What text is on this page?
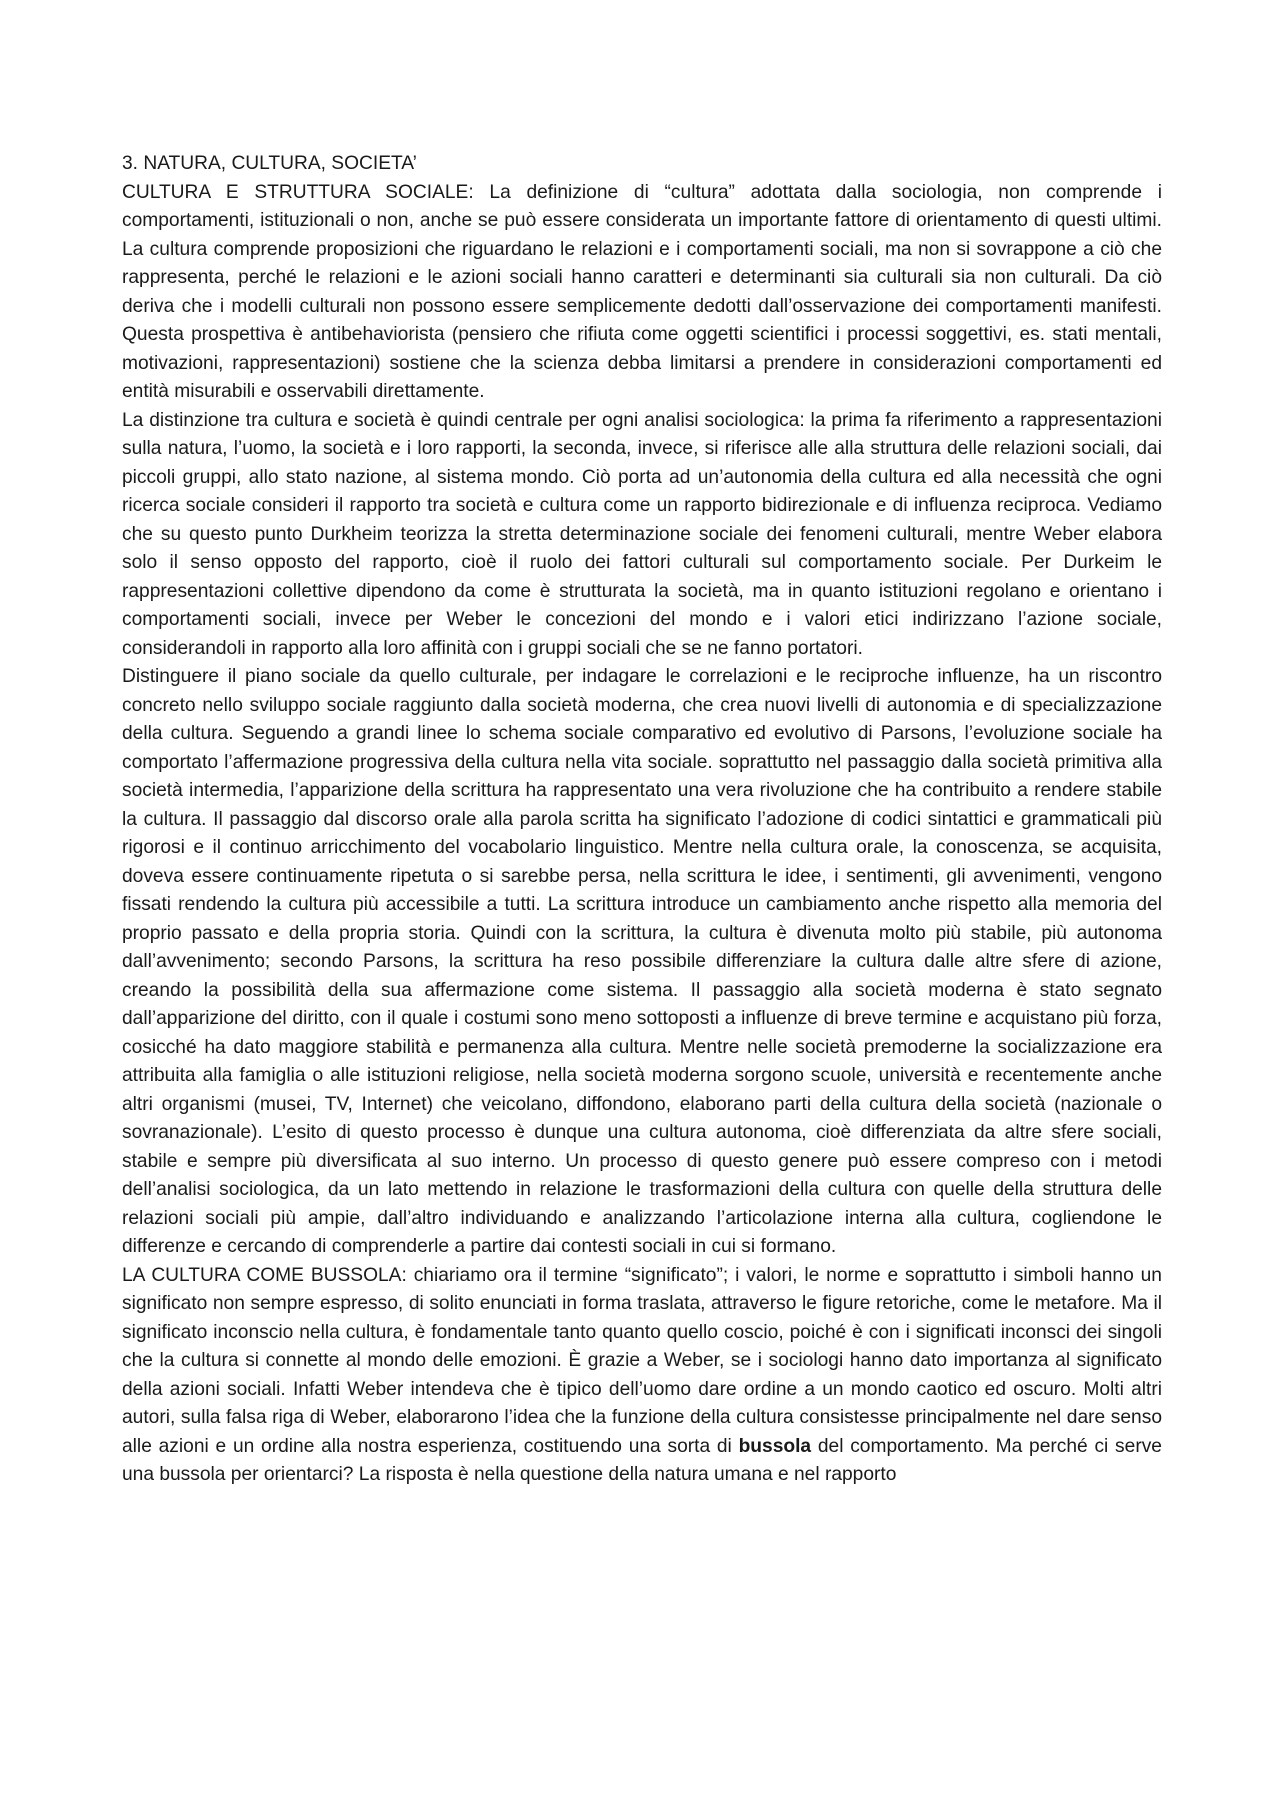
3. NATURA, CULTURA, SOCIETA’

CULTURA E STRUTTURA SOCIALE: La definizione di “cultura” adottata dalla sociologia, non comprende i comportamenti, istituzionali o non, anche se può essere considerata un importante fattore di orientamento di questi ultimi. La cultura comprende proposizioni che riguardano le relazioni e i comportamenti sociali, ma non si sovrappone a ciò che rappresenta, perché le relazioni e le azioni sociali hanno caratteri e determinanti sia culturali sia non culturali. Da ciò deriva che i modelli culturali non possono essere semplicemente dedotti dall’osservazione dei comportamenti manifesti. Questa prospettiva è antibehaviorista (pensiero che rifiuta come oggetti scientifici i processi soggettivi, es. stati mentali, motivazioni, rappresentazioni) sostiene che la scienza debba limitarsi a prendere in considerazioni comportamenti ed entità misurabili e osservabili direttamente.

La distinzione tra cultura e società è quindi centrale per ogni analisi sociologica: la prima fa riferimento a rappresentazioni sulla natura, l’uomo, la società e i loro rapporti, la seconda, invece, si riferisce alle alla struttura delle relazioni sociali, dai piccoli gruppi, allo stato nazione, al sistema mondo. Ciò porta ad un’autonomia della cultura ed alla necessità che ogni ricerca sociale consideri il rapporto tra società e cultura come un rapporto bidirezionale e di influenza reciproca. Vediamo che su questo punto Durkheim teorizza la stretta determinazione sociale dei fenomeni culturali, mentre Weber elabora solo il senso opposto del rapporto, cioè il ruolo dei fattori culturali sul comportamento sociale. Per Durkeim le rappresentazioni collettive dipendono da come è strutturata la società, ma in quanto istituzioni regolano e orientano i comportamenti sociali, invece per Weber le concezioni del mondo e i valori etici indirizzano l’azione sociale, considerandoli in rapporto alla loro affinità con i gruppi sociali che se ne fanno portatori.

Distinguere il piano sociale da quello culturale, per indagare le correlazioni e le reciproche influenze, ha un riscontro concreto nello sviluppo sociale raggiunto dalla società moderna, che crea nuovi livelli di autonomia e di specializzazione della cultura. Seguendo a grandi linee lo schema sociale comparativo ed evolutivo di Parsons, l’evoluzione sociale ha comportato l’affermazione progressiva della cultura nella vita sociale. soprattutto nel passaggio dalla società primitiva alla società intermedia, l’apparizione della scrittura ha rappresentato una vera rivoluzione che ha contribuito a rendere stabile la cultura. Il passaggio dal discorso orale alla parola scritta ha significato l’adozione di codici sintattici e grammaticali più rigorosi e il continuo arricchimento del vocabolario linguistico. Mentre nella cultura orale, la conoscenza, se acquisita, doveva essere continuamente ripetuta o si sarebbe persa, nella scrittura le idee, i sentimenti, gli avvenimenti, vengono fissati rendendo la cultura più accessibile a tutti. La scrittura introduce un cambiamento anche rispetto alla memoria del proprio passato e della propria storia. Quindi con la scrittura, la cultura è divenuta molto più stabile, più autonoma dall’avvenimento; secondo Parsons, la scrittura ha reso possibile differenziare la cultura dalle altre sfere di azione, creando la possibilità della sua affermazione come sistema. Il passaggio alla società moderna è stato segnato dall’apparizione del diritto, con il quale i costumi sono meno sottoposti a influenze di breve termine e acquistano più forza, cosicché ha dato maggiore stabilità e permanenza alla cultura. Mentre nelle società premoderne la socializzazione era attribuita alla famiglia o alle istituzioni religiose, nella società moderna sorgono scuole, università e recentemente anche altri organismi (musei, TV, Internet) che veicolano, diffondono, elaborano parti della cultura della società (nazionale o sovranazionale). L’esito di questo processo è dunque una cultura autonoma, cioè differenziata da altre sfere sociali, stabile e sempre più diversificata al suo interno. Un processo di questo genere può essere compreso con i metodi dell’analisi sociologica, da un lato mettendo in relazione le trasformazioni della cultura con quelle della struttura delle relazioni sociali più ampie, dall’altro individuando e analizzando l’articolazione interna alla cultura, cogliendone le differenze e cercando di comprenderle a partire dai contesti sociali in cui si formano.

LA CULTURA COME BUSSOLA: chiariamo ora il termine “significato”; i valori, le norme e soprattutto i simboli hanno un significato non sempre espresso, di solito enunciati in forma traslata, attraverso le figure retoriche, come le metafore. Ma il significato inconscio nella cultura, è fondamentale tanto quanto quello coscio, poiché è con i significati inconsci dei singoli che la cultura si connette al mondo delle emozioni. È grazie a Weber, se i sociologi hanno dato importanza al significato della azioni sociali. Infatti Weber intendeva che è tipico dell’uomo dare ordine a un mondo caotico ed oscuro. Molti altri autori, sulla falsa riga di Weber, elaborarono l’idea che la funzione della cultura consistesse principalmente nel dare senso alle azioni e un ordine alla nostra esperienza, costituendo una sorta di bussola del comportamento. Ma perché ci serve una bussola per orientarci? La risposta è nella questione della natura umana e nel rapporto
